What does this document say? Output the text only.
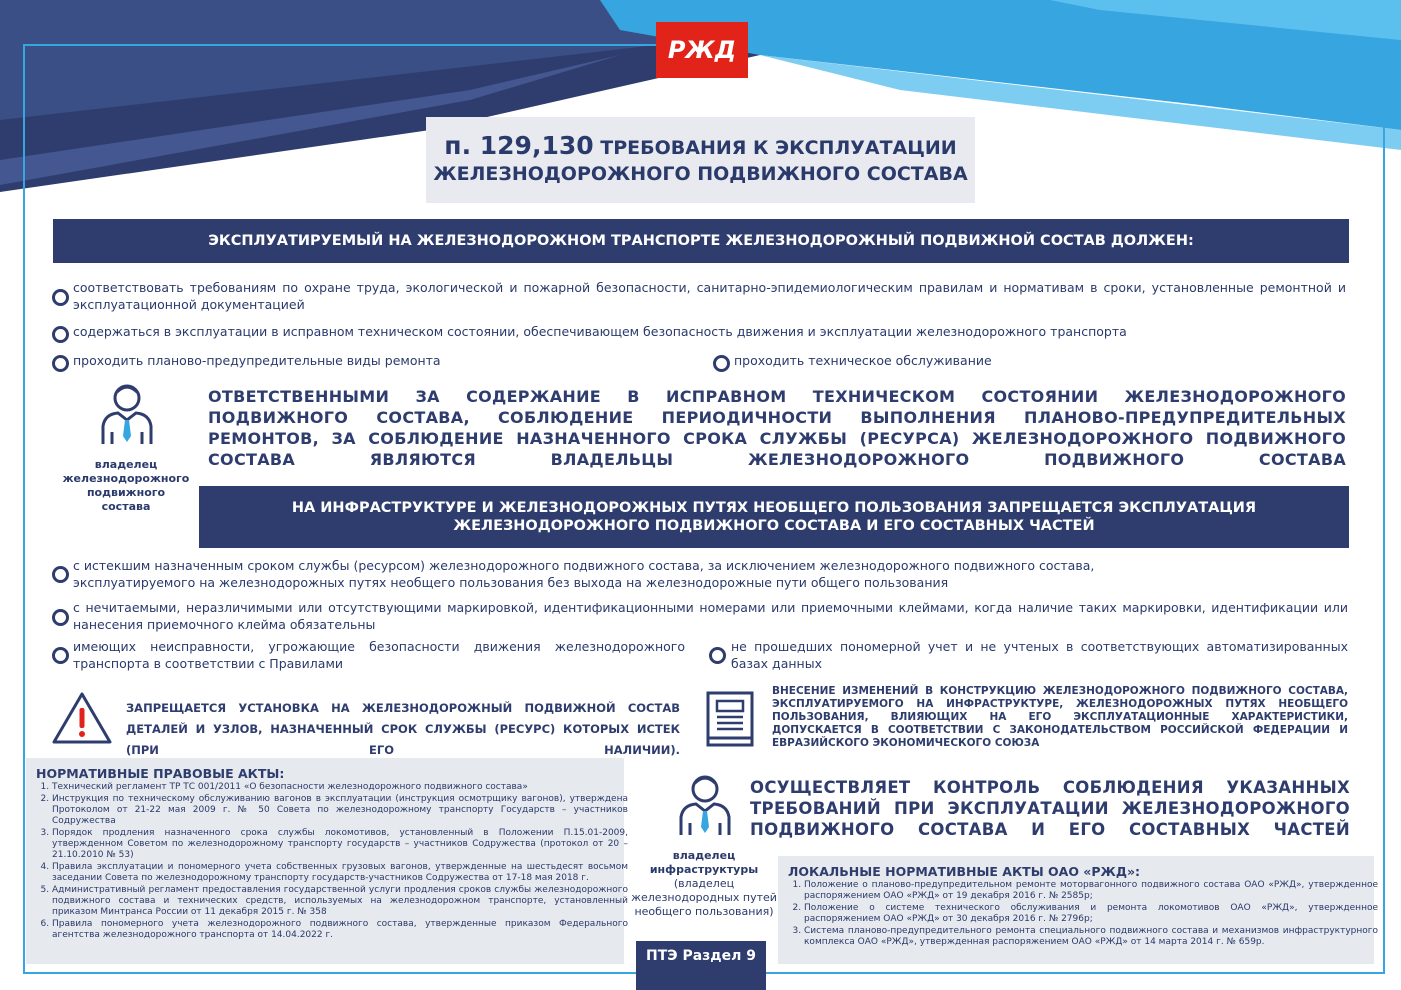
РЖД
п. 129,130 ТРЕБОВАНИЯ К ЭКСПЛУАТАЦИИ
ЖЕЛЕЗНОДОРОЖНОГО ПОДВИЖНОГО СОСТАВА
ЭКСПЛУАТИРУЕМЫЙ НА ЖЕЛЕЗНОДОРОЖНОМ ТРАНСПОРТЕ ЖЕЛЕЗНОДОРОЖНЫЙ ПОДВИЖНОЙ СОСТАВ ДОЛЖЕН:
соответствовать требованиям по охране труда, экологической и пожарной безопасности, санитарно-эпидемиологическим правилам и нормативам в сроки, установленные ремонтной и эксплуатационной документацией
содержаться в эксплуатации в исправном техническом состоянии, обеспечивающем безопасность движения и эксплуатации железнодорожного транспорта
проходить планово-предупредительные виды ремонта	проходить техническое обслуживание
владелец железнодорожного подвижного состава
ОТВЕТСТВЕННЫМИ ЗА СОДЕРЖАНИЕ В ИСПРАВНОМ ТЕХНИЧЕСКОМ СОСТОЯНИИ ЖЕЛЕЗНОДОРОЖНОГО ПОДВИЖНОГО СОСТАВА, СОБЛЮДЕНИЕ ПЕРИОДИЧНОСТИ ВЫПОЛНЕНИЯ ПЛАНОВО-ПРЕДУПРЕДИТЕЛЬНЫХ РЕМОНТОВ, ЗА СОБЛЮДЕНИЕ НАЗНАЧЕННОГО СРОКА СЛУЖБЫ (РЕСУРСА) ЖЕЛЕЗНОДОРОЖНОГО ПОДВИЖНОГО СОСТАВА ЯВЛЯЮТСЯ ВЛАДЕЛЬЦЫ ЖЕЛЕЗНОДОРОЖНОГО ПОДВИЖНОГО СОСТАВА
НА ИНФРАСТРУКТУРЕ И ЖЕЛЕЗНОДОРОЖНЫХ ПУТЯХ НЕОБЩЕГО ПОЛЬЗОВАНИЯ ЗАПРЕЩАЕТСЯ ЭКСПЛУАТАЦИЯ
ЖЕЛЕЗНОДОРОЖНОГО ПОДВИЖНОГО СОСТАВА И ЕГО СОСТАВНЫХ ЧАСТЕЙ
с истекшим назначенным сроком службы (ресурсом) железнодорожного подвижного состава, за исключением железнодорожного подвижного состава, эксплуатируемого на железнодорожных путях необщего пользования без выхода на железнодорожные пути общего пользования
с нечитаемыми, неразличимыми или отсутствующими маркировкой, идентификационными номерами или приемочными клеймами, когда наличие таких маркировки, идентификации или нанесения приемочного клейма обязательны
имеющих неисправности, угрожающие безопасности движения железнодорожного транспорта в соответствии с Правилами
не прошедших пономерной учет и не учтеных в соответствующих автоматизированных базах данных
ЗАПРЕЩАЕТСЯ УСТАНОВКА НА ЖЕЛЕЗНОДОРОЖНЫЙ ПОДВИЖНОЙ СОСТАВ ДЕТАЛЕЙ И УЗЛОВ, НАЗНАЧЕННЫЙ СРОК СЛУЖБЫ (РЕСУРС) КОТОРЫХ ИСТЕК (ПРИ ЕГО НАЛИЧИИ).
ВНЕСЕНИЕ ИЗМЕНЕНИЙ В КОНСТРУКЦИЮ ЖЕЛЕЗНОДОРОЖНОГО ПОДВИЖНОГО СОСТАВА, ЭКСПЛУАТИРУЕМОГО НА ИНФРАСТРУКТУРЕ, ЖЕЛЕЗНОДОРОЖНЫХ ПУТЯХ НЕОБЩЕГО ПОЛЬЗОВАНИЯ, ВЛИЯЮЩИХ НА ЕГО ЭКСПЛУАТАЦИОННЫЕ ХАРАКТЕРИСТИКИ, ДОПУСКАЕТСЯ В СООТВЕТСТВИИ С ЗАКОНОДАТЕЛЬСТВОМ РОССИЙСКОЙ ФЕДЕРАЦИИ И ЕВРАЗИЙСКОГО ЭКОНОМИЧЕСКОГО СОЮЗА
НОРМАТИВНЫЕ ПРАВОВЫЕ АКТЫ:
1. Технический регламент ТР ТС 001/2011 «О безопасности железнодорожного подвижного состава»
2. Инструкция по техническому обслуживанию вагонов в эксплуатации (инструкция осмотрщику вагонов), утверждена Протоколом от 21-22 мая 2009 г. № 50 Совета по железнодорожному транспорту Государств – участников Содружества
3. Порядок продления назначенного срока службы локомотивов, установленный в Положении П.15.01-2009, утвержденном Советом по железнодорожному транспорту государств – участников Содружества (протокол от 20 – 21.10.2010 № 53)
4. Правила эксплуатации и пономерного учета собственных грузовых вагонов, утвержденные на шестьдесят восьмом заседании Совета по железнодорожному транспорту государств-участников Содружества от 17-18 мая 2018 г.
5. Административный регламент предоставления государственной услуги продления сроков службы железнодорожного подвижного состава и технических средств, используемых на железнодорожном транспорте, установленный приказом Минтранса России от 11 декабря 2015 г. № 358
6. Правила пономерного учета железнодорожного подвижного состава, утвержденные приказом Федерального агентства железнодорожного транспорта от 14.04.2022 г.
владелец инфраструктуры
(владелец железнодородных путей необщего пользования)
ОСУЩЕСТВЛЯЕТ КОНТРОЛЬ СОБЛЮДЕНИЯ УКАЗАННЫХ ТРЕБОВАНИЙ ПРИ ЭКСПЛУАТАЦИИ ЖЕЛЕЗНОДОРОЖНОГО ПОДВИЖНОГО СОСТАВА И ЕГО СОСТАВНЫХ ЧАСТЕЙ
ЛОКАЛЬНЫЕ НОРМАТИВНЫЕ АКТЫ ОАО «РЖД»:
1. Положение о планово-предупредительном ремонте моторвагонного подвижного состава ОАО «РЖД», утвержденное распоряжением ОАО «РЖД» от 19 декабря 2016 г. № 2585р;
2. Положение о системе технического обслуживания и ремонта локомотивов ОАО «РЖД», утвержденное распоряжением ОАО «РЖД» от 30 декабря 2016 г. № 2796р;
3. Система планово-предупредительного ремонта специального подвижного состава и механизмов инфраструктурного комплекса ОАО «РЖД», утвержденная распоряжением ОАО «РЖД» от 14 марта 2014 г. № 659р.
ПТЭ Раздел 9
